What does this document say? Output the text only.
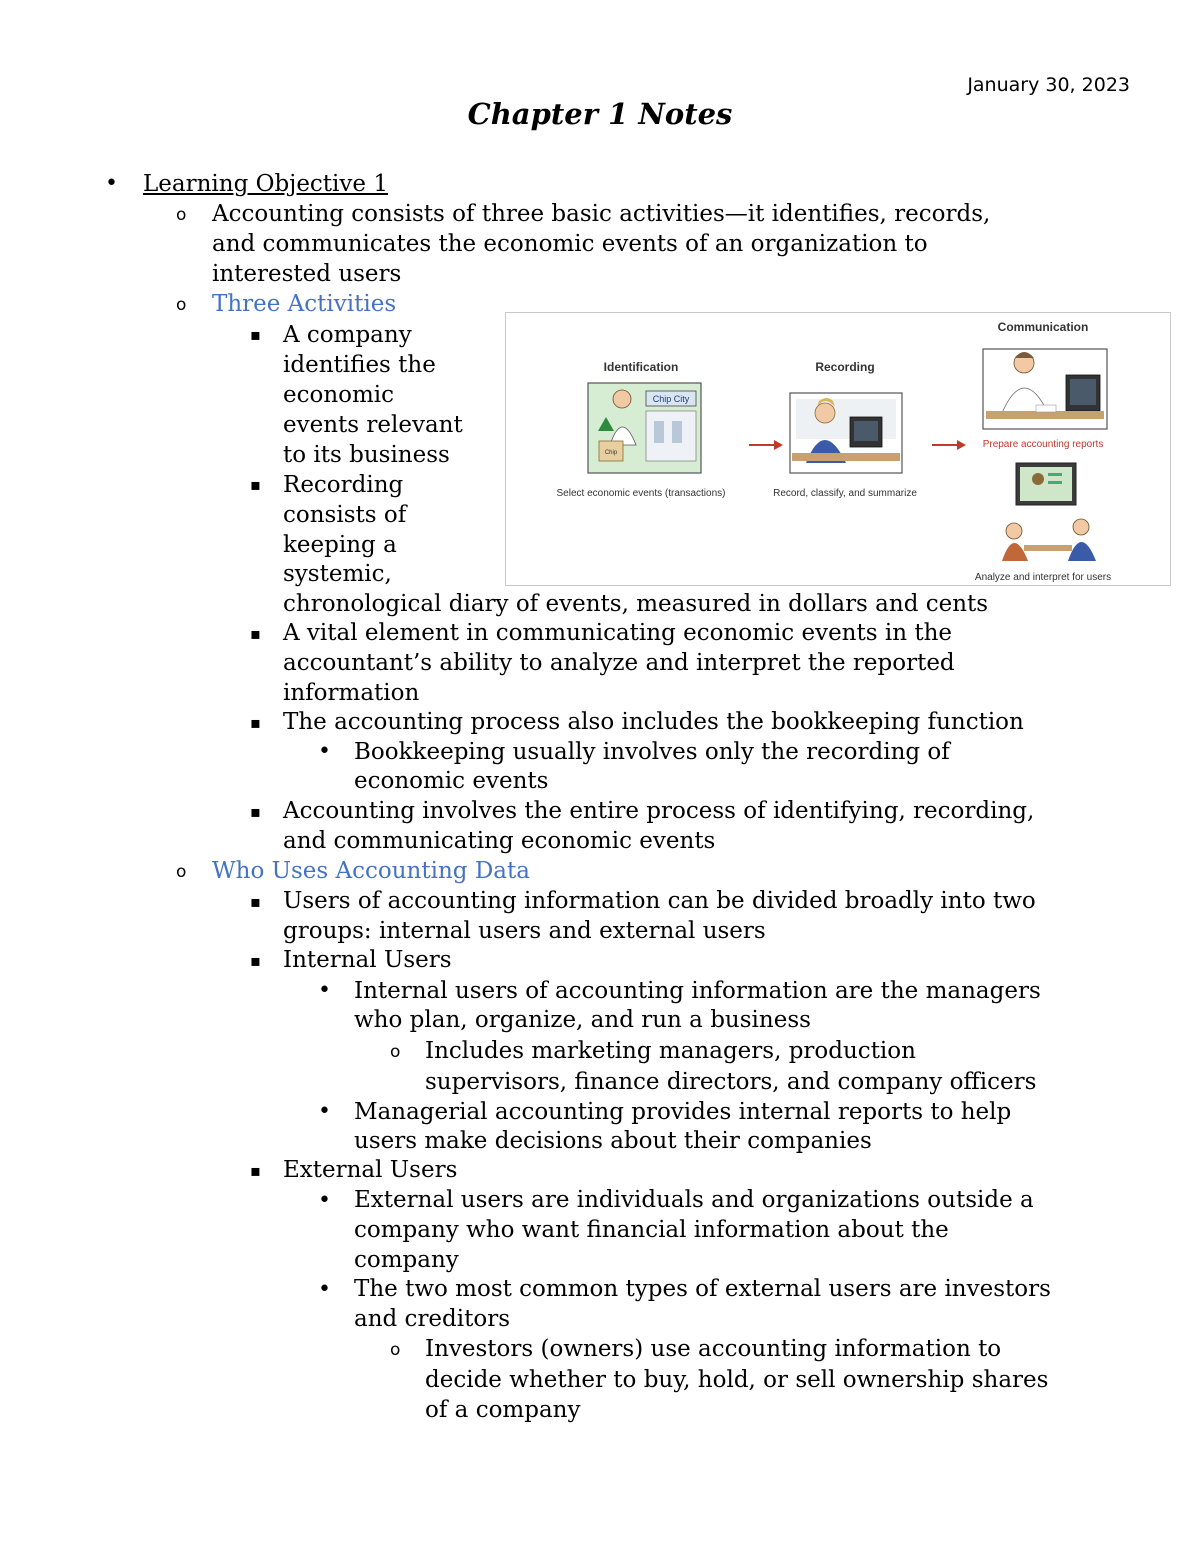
January 30, 2023
Chapter 1 Notes
• Learning Objective 1
o Accounting consists of three basic activities—it identifies, records,
and communicates the economic events of an organization to
interested users
o Three Activities
▪ A company
identifies the
economic
events relevant
to its business
▪ Recording
consists of
keeping a
systemic,
chronological diary of events, measured in dollars and cents
▪ A vital element in communicating economic events in the
accountant’s ability to analyze and interpret the reported
information
▪ The accounting process also includes the bookkeeping function
• Bookkeeping usually involves only the recording of
economic events
▪ Accounting involves the entire process of identifying, recording,
and communicating economic events
o Who Uses Accounting Data
▪ Users of accounting information can be divided broadly into two
groups: internal users and external users
▪ Internal Users
• Internal users of accounting information are the managers
who plan, organize, and run a business
o Includes marketing managers, production
supervisors, finance directors, and company officers
• Managerial accounting provides internal reports to help
users make decisions about their companies
▪ External Users
• External users are individuals and organizations outside a
company who want financial information about the
company
• The two most common types of external users are investors
and creditors
o Investors (owners) use accounting information to
decide whether to buy, hold, or sell ownership shares
of a company
Identification
Chip City
Chip
Select economic events (transactions)
Recording
Record, classify, and summarize
Communication
Prepare accounting reports
Analyze and interpret for users
